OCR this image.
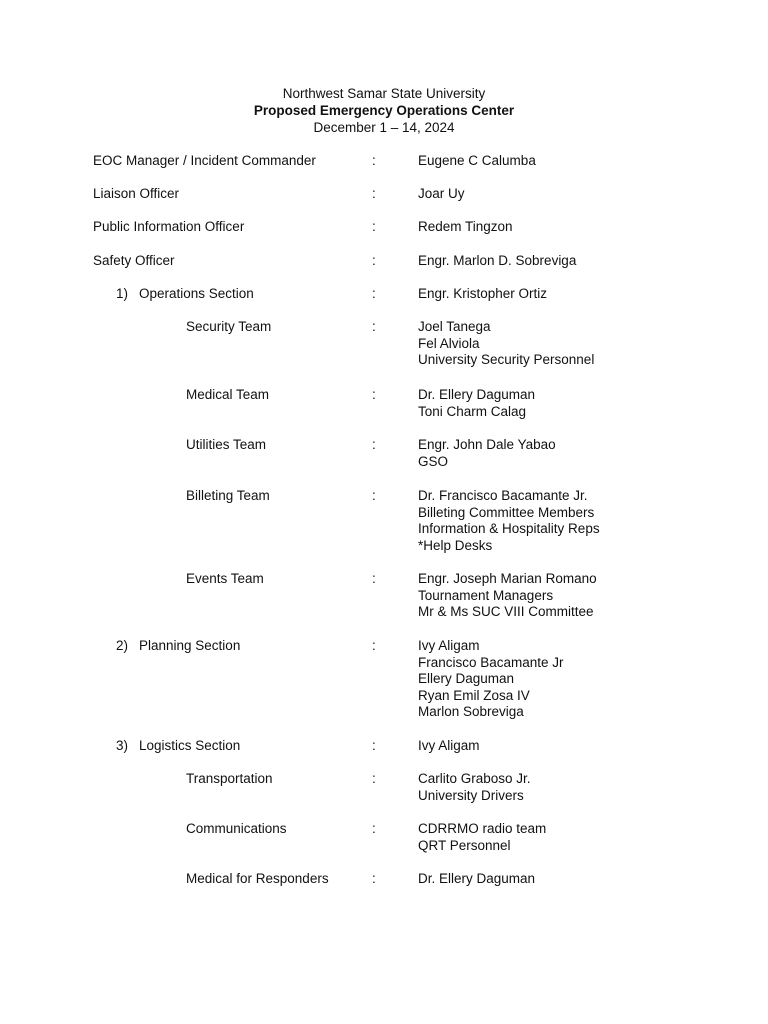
Northwest Samar State University
Proposed Emergency Operations Center
December 1 – 14, 2024
EOC Manager / Incident Commander	:	Eugene C Calumba
Liaison Officer	:	Joar Uy
Public Information Officer	:	Redem Tingzon
Safety Officer	:	Engr. Marlon D. Sobreviga
1) Operations Section	:	Engr. Kristopher Ortiz
Security Team	:	Joel Tanega
Fel Alviola
University Security Personnel
Medical Team	:	Dr. Ellery Daguman
Toni Charm Calag
Utilities Team	:	Engr. John Dale Yabao
GSO
Billeting Team	:	Dr. Francisco Bacamante Jr.
Billeting Committee Members
Information & Hospitality Reps
*Help Desks
Events Team	:	Engr. Joseph Marian Romano
Tournament Managers
Mr & Ms SUC VIII Committee
2) Planning Section	:	Ivy Aligam
Francisco Bacamante Jr
Ellery Daguman
Ryan Emil Zosa IV
Marlon Sobreviga
3) Logistics Section	:	Ivy Aligam
Transportation	:	Carlito Graboso Jr.
University Drivers
Communications	:	CDRRMO radio team
QRT Personnel
Medical for Responders	:	Dr. Ellery Daguman
